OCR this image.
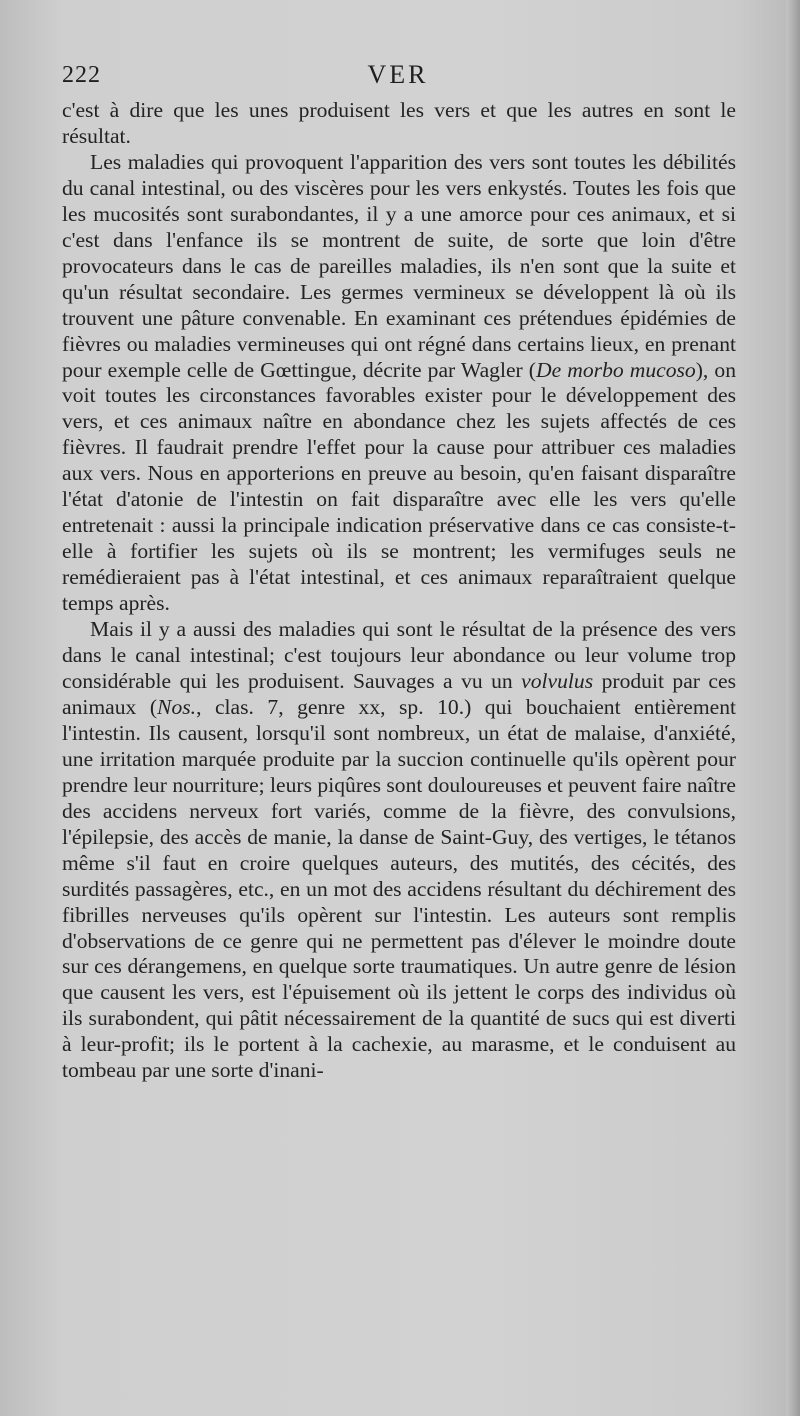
222	VER

c'est à dire que les unes produisent les vers et que les autres en sont le résultat.

Les maladies qui provoquent l'apparition des vers sont toutes les débilités du canal intestinal, ou des viscères pour les vers enkystés. Toutes les fois que les mucosités sont surabondantes, il y a une amorce pour ces animaux, et si c'est dans l'enfance ils se montrent de suite, de sorte que loin d'être provocateurs dans le cas de pareilles maladies, ils n'en sont que la suite et qu'un résultat secondaire. Les germes vermineux se développent là où ils trouvent une pâture convenable. En examinant ces prétendues épidémies de fièvres ou maladies vermineuses qui ont régné dans certains lieux, en prenant pour exemple celle de Gœttingue, décrite par Wagler (De morbo mucoso), on voit toutes les circonstances favorables exister pour le développement des vers, et ces animaux naître en abondance chez les sujets affectés de ces fièvres. Il faudrait prendre l'effet pour la cause pour attribuer ces maladies aux vers. Nous en apporterions en preuve au besoin, qu'en faisant disparaître l'état d'atonie de l'intestin on fait disparaître avec elle les vers qu'elle entretenait : aussi la principale indication préservative dans ce cas consiste-t-elle à fortifier les sujets où ils se montrent; les vermifuges seuls ne remédieraient pas à l'état intestinal, et ces animaux reparaîtraient quelque temps après.

Mais il y a aussi des maladies qui sont le résultat de la présence des vers dans le canal intestinal; c'est toujours leur abondance ou leur volume trop considérable qui les produisent. Sauvages a vu un volvulus produit par ces animaux (Nos., clas. 7, genre xx, sp. 10.) qui bouchaient entièrement l'intestin. Ils causent, lorsqu'il sont nombreux, un état de malaise, d'anxiété, une irritation marquée produite par la succion continuelle qu'ils opèrent pour prendre leur nourriture; leurs piqûres sont douloureuses et peuvent faire naître des accidens nerveux fort variés, comme de la fièvre, des convulsions, l'épilepsie, des accès de manie, la danse de Saint-Guy, des vertiges, le tétanos même s'il faut en croire quelques auteurs, des mutités, des cécités, des surdités passagères, etc., en un mot des accidens résultant du déchirement des fibrilles nerveuses qu'ils opèrent sur l'intestin. Les auteurs sont remplis d'observations de ce genre qui ne permettent pas d'élever le moindre doute sur ces dérangemens, en quelque sorte traumatiques. Un autre genre de lésion que causent les vers, est l'épuisement où ils jettent le corps des individus où ils surabondent, qui pâtit nécessairement de la quantité de sucs qui est diverti à leur-profit; ils le portent à la cachexie, au marasme, et le conduisent au tombeau par une sorte d'inani-
